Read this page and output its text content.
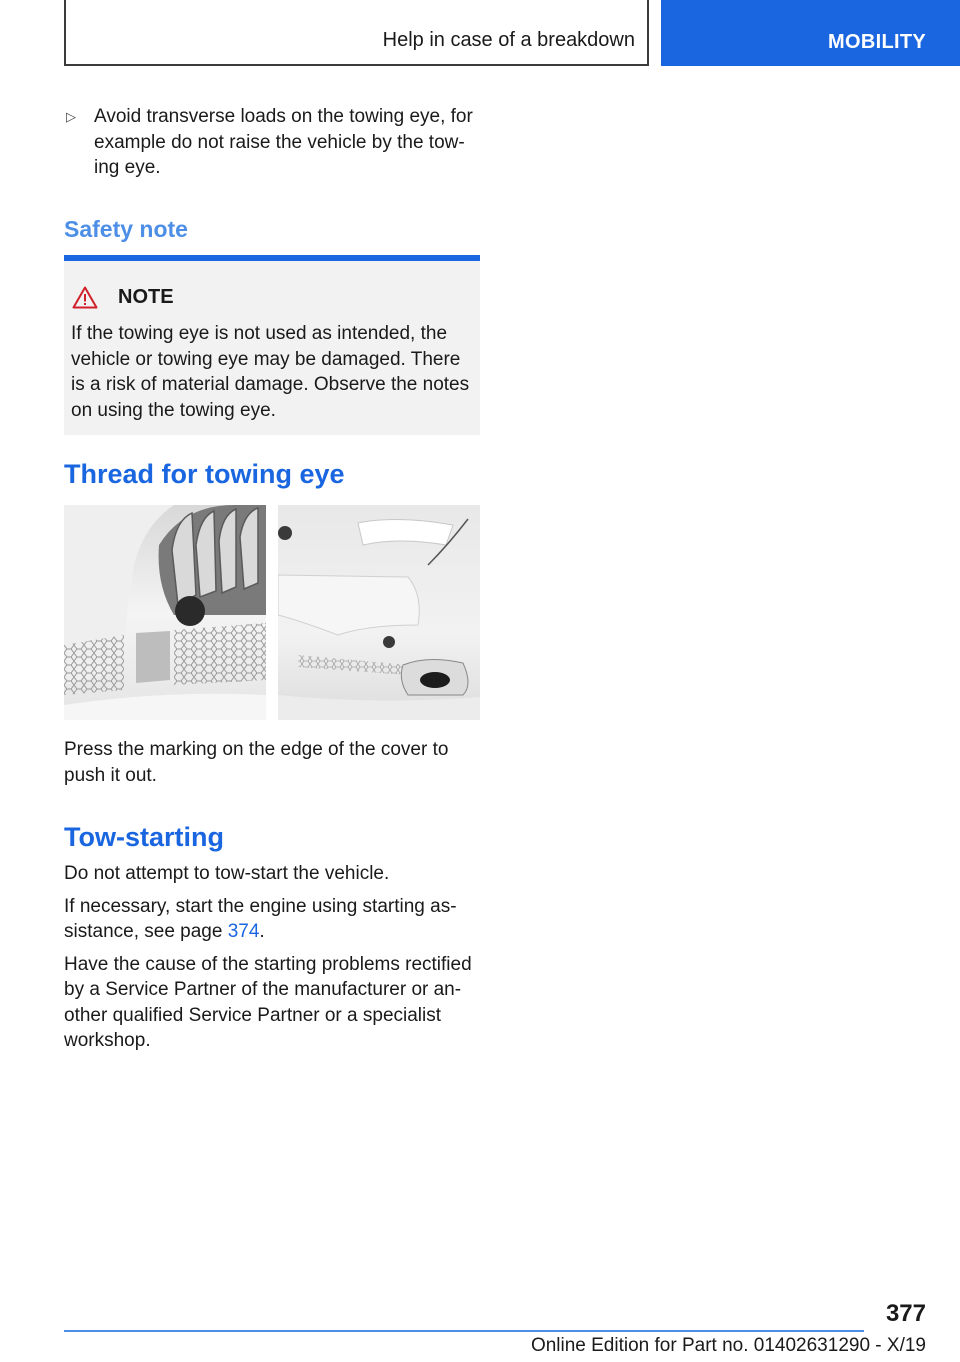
Help in case of a breakdown	MOBILITY
▷ Avoid transverse loads on the towing eye, for
example do not raise the vehicle by the tow-
ing eye.
Safety note
NOTE
If the towing eye is not used as intended, the
vehicle or towing eye may be damaged. There
is a risk of material damage. Observe the notes
on using the towing eye.
Thread for towing eye
Press the marking on the edge of the cover to
push it out.
Tow-starting

Do not attempt to tow-start the vehicle.

If necessary, start the engine using starting as-
sistance, see page 374.

Have the cause of the starting problems rectified
by a Service Partner of the manufacturer or an-
other qualified Service Partner or a specialist
workshop.

377
Online Edition for Part no. 01402631290 - X/19
